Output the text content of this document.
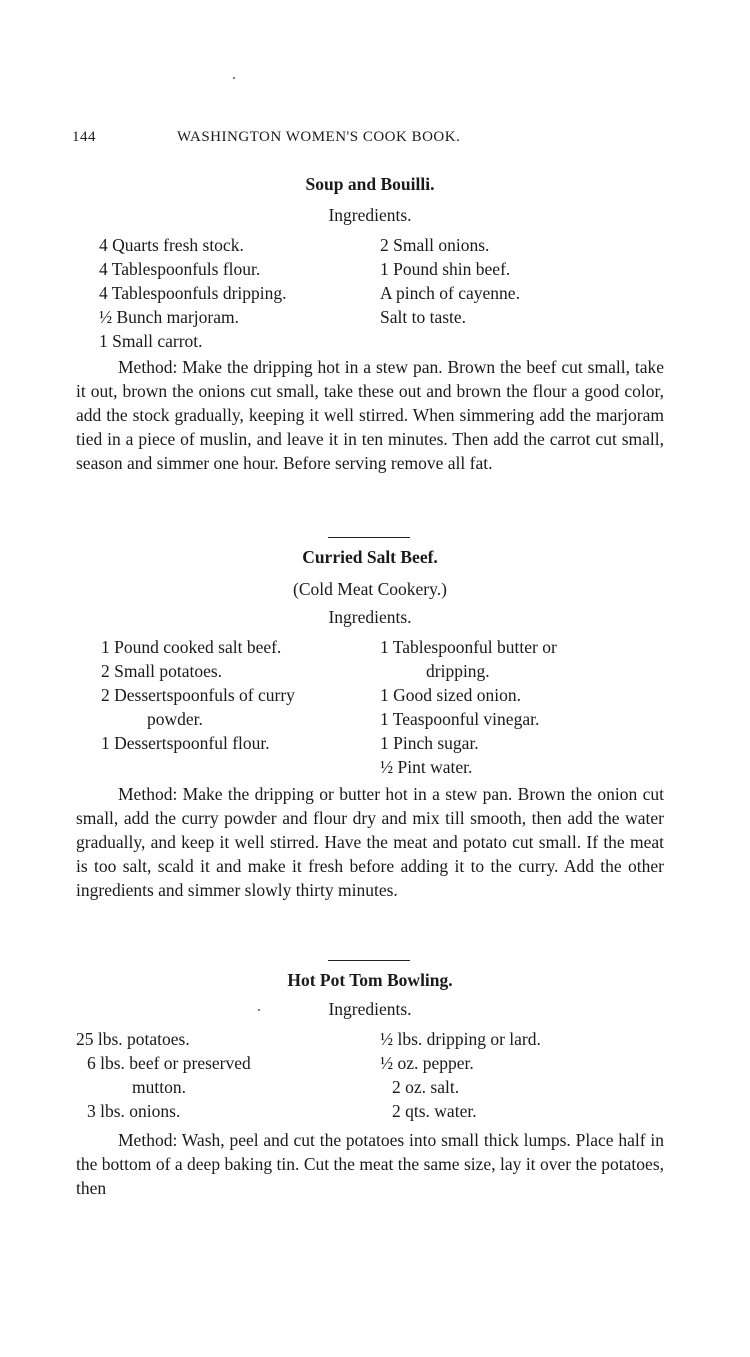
144	WASHINGTON WOMEN'S COOK BOOK.
Soup and Bouilli.
Ingredients.
4 Quarts fresh stock.
4 Tablespoonfuls flour.
4 Tablespoonfuls dripping.
½ Bunch marjoram.
1 Small carrot.
2 Small onions.
1 Pound shin beef.
A pinch of cayenne.
Salt to taste.
Method: Make the dripping hot in a stew pan. Brown the beef cut small, take it out, brown the onions cut small, take these out and brown the flour a good color, add the stock gradually, keeping it well stirred. When simmering add the marjoram tied in a piece of muslin, and leave it in ten minutes. Then add the carrot cut small, season and simmer one hour. Before serving remove all fat.
Curried Salt Beef.
(Cold Meat Cookery.)
Ingredients.
1 Pound cooked salt beef.
2 Small potatoes.
2 Dessertspoonfuls of curry
powder.
1 Dessertspoonful flour.
1 Tablespoonful butter or
dripping.
1 Good sized onion.
1 Teaspoonful vinegar.
1 Pinch sugar.
½ Pint water.
Method: Make the dripping or butter hot in a stew pan. Brown the onion cut small, add the curry powder and flour dry and mix till smooth, then add the water gradually, and keep it well stirred. Have the meat and potato cut small. If the meat is too salt, scald it and make it fresh before adding it to the curry. Add the other ingredients and simmer slowly thirty minutes.
Hot Pot Tom Bowling.
Ingredients.
25 lbs. potatoes.
6 lbs. beef or preserved
mutton.
3 lbs. onions.
½ lbs. dripping or lard.
½ oz. pepper.
2 oz. salt.
2 qts. water.
Method: Wash, peel and cut the potatoes into small thick lumps. Place half in the bottom of a deep baking tin. Cut the meat the same size, lay it over the potatoes, then
